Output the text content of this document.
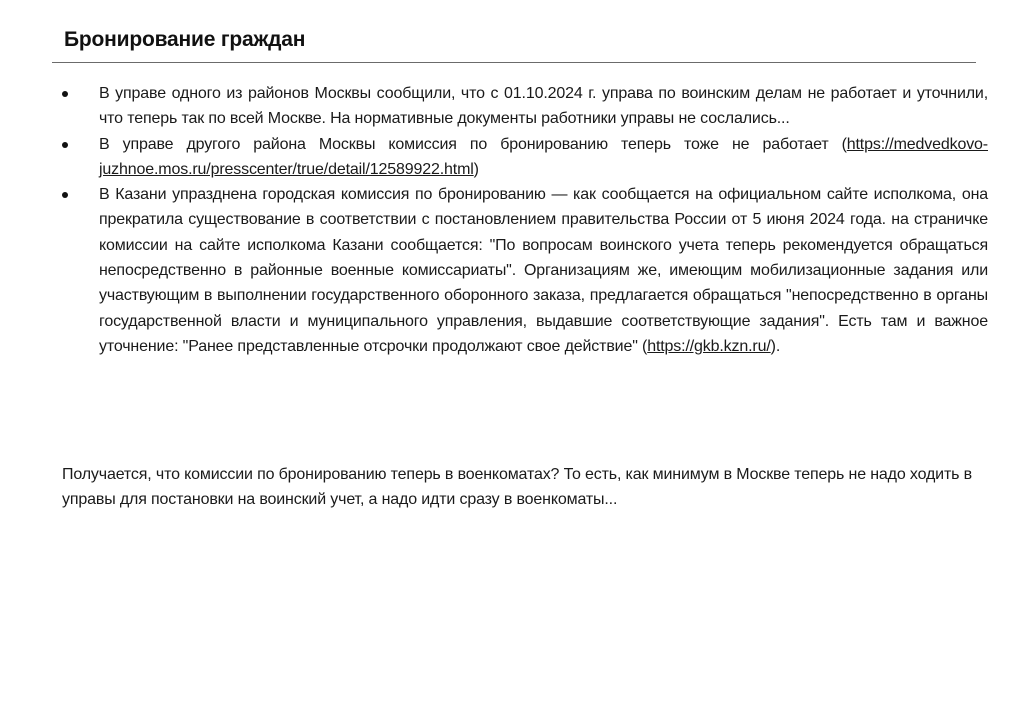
Бронирование граждан
В управе одного из районов Москвы сообщили, что с 01.10.2024 г. управа по воинским делам не работает и уточнили, что теперь так по всей Москве. На нормативные документы работники управы не сослались...
В управе другого района Москвы комиссия по бронированию теперь тоже не работает (https://medvedkovo-juzhnoe.mos.ru/presscenter/true/detail/12589922.html)
В Казани упразднена городская комиссия по бронированию — как сообщается на официальном сайте исполкома, она прекратила существование в соответствии с постановлением правительства России от 5 июня 2024 года. на страничке комиссии на сайте исполкома Казани сообщается: "По вопросам воинского учета теперь рекомендуется обращаться непосредственно в районные военные комиссариаты". Организациям же, имеющим мобилизационные задания или участвующим в выполнении государственного оборонного заказа, предлагается обращаться "непосредственно в органы государственной власти и муниципального управления, выдавшие соответствующие задания". Есть там и важное уточнение: "Ранее представленные отсрочки продолжают свое действие" (https://gkb.kzn.ru/).

Получается, что комиссии по бронированию теперь в военкоматах? То есть, как минимум в Москве теперь не надо ходить в управы для постановки на воинский учет, а надо идти сразу в военкоматы...
